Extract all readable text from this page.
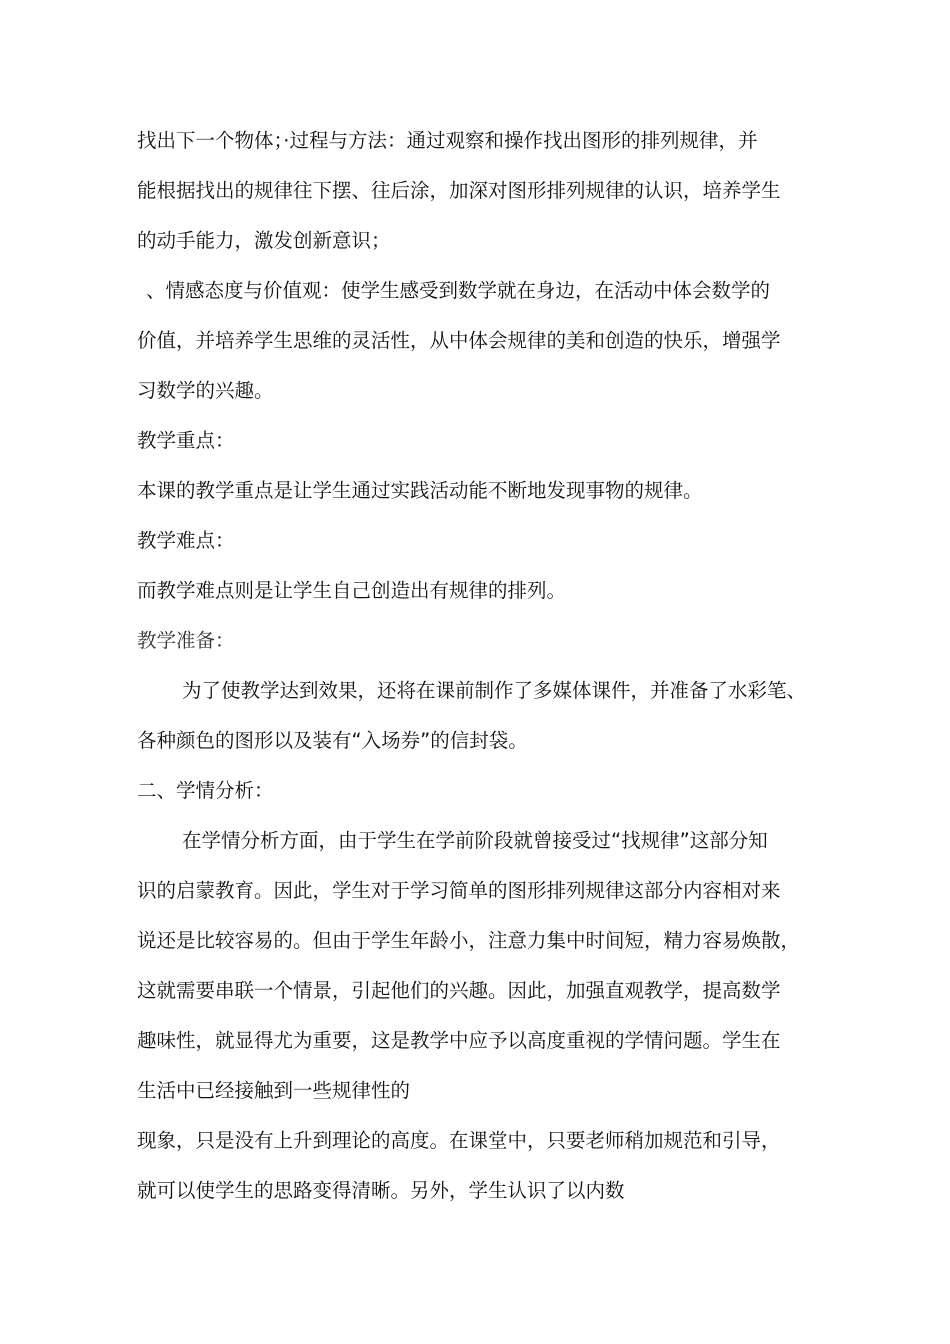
找出下一个物体；·过程与方法：通过观察和操作找出图形的排列规律，并
能根据找出的规律往下摆、往后涂，加深对图形排列规律的认识，培养学生
的动手能力，激发创新意识；
、情感态度与价值观：使学生感受到数学就在身边，在活动中体会数学的
价值，并培养学生思维的灵活性，从中体会规律的美和创造的快乐，增强学
习数学的兴趣。
教学重点：
本课的教学重点是让学生通过实践活动能不断地发现事物的规律。
教学难点：
而教学难点则是让学生自己创造出有规律的排列。
教学准备：
为了使教学达到效果，还将在课前制作了多媒体课件，并准备了水彩笔、
各种颜色的图形以及装有“入场券”的信封袋。
二、学情分析：
在学情分析方面，由于学生在学前阶段就曾接受过“找规律”这部分知
识的启蒙教育。因此，学生对于学习简单的图形排列规律这部分内容相对来
说还是比较容易的。但由于学生年龄小，注意力集中时间短，精力容易焕散，
这就需要串联一个情景，引起他们的兴趣。因此，加强直观教学，提高数学
趣味性，就显得尤为重要，这是教学中应予以高度重视的学情问题。学生在
生活中已经接触到一些规律性的
现象，只是没有上升到理论的高度。在课堂中，只要老师稍加规范和引导，
就可以使学生的思路变得清晰。另外，学生认识了以内数
